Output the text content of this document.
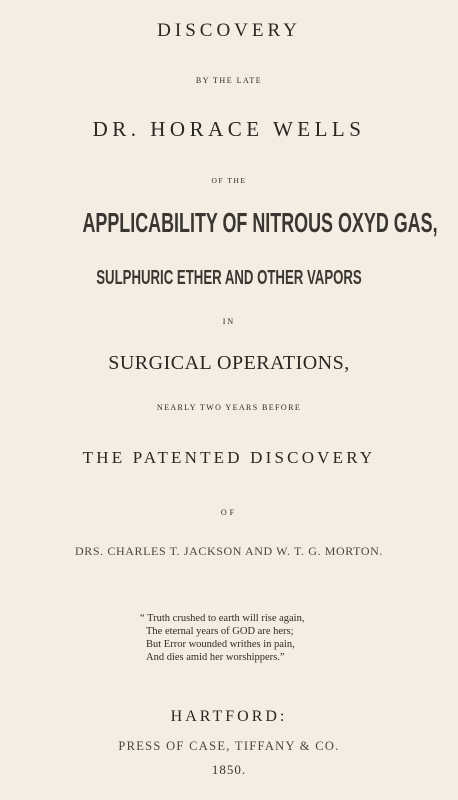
DISCOVERY
BY THE LATE
DR. HORACE WELLS
OF THE
APPLICABILITY OF NITROUS OXYD GAS,
SULPHURIC ETHER AND OTHER VAPORS
IN
SURGICAL OPERATIONS,
NEARLY TWO YEARS BEFORE
THE PATENTED DISCOVERY
OF
DRS. CHARLES T. JACKSON AND W. T. G. MORTON.
“ Truth crushed to earth will rise again,
The eternal years of GOD are hers;
But Error wounded writhes in pain,
And dies amid her worshippers.”
HARTFORD:
PRESS OF CASE, TIFFANY & CO.
1850.
